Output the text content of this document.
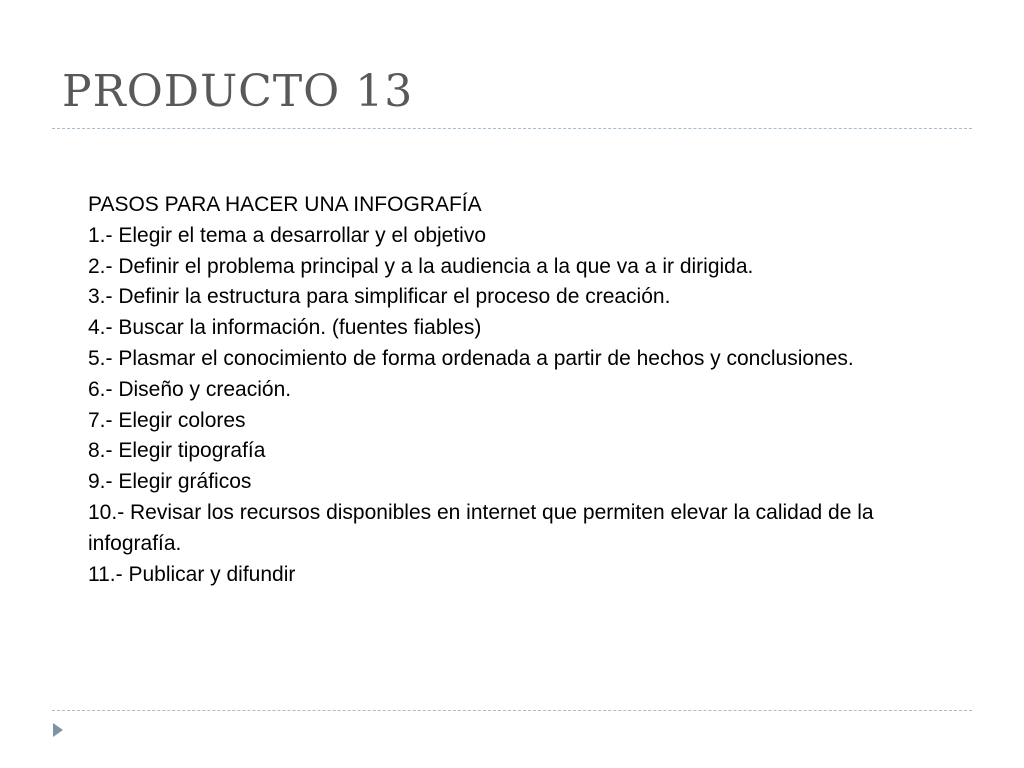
PRODUCTO 13
PASOS PARA HACER UNA INFOGRAFÍA
1.- Elegir el tema a desarrollar y el objetivo
2.- Definir el problema principal y a la audiencia a la que va a ir dirigida.
3.- Definir la estructura para simplificar el proceso de creación.
4.- Buscar la información. (fuentes fiables)
5.- Plasmar el conocimiento de forma ordenada a partir de hechos y conclusiones.
6.- Diseño y creación.
7.- Elegir colores
8.- Elegir tipografía
9.- Elegir gráficos
10.- Revisar los recursos disponibles en internet que permiten elevar la calidad de la infografía.
11.- Publicar y difundir
